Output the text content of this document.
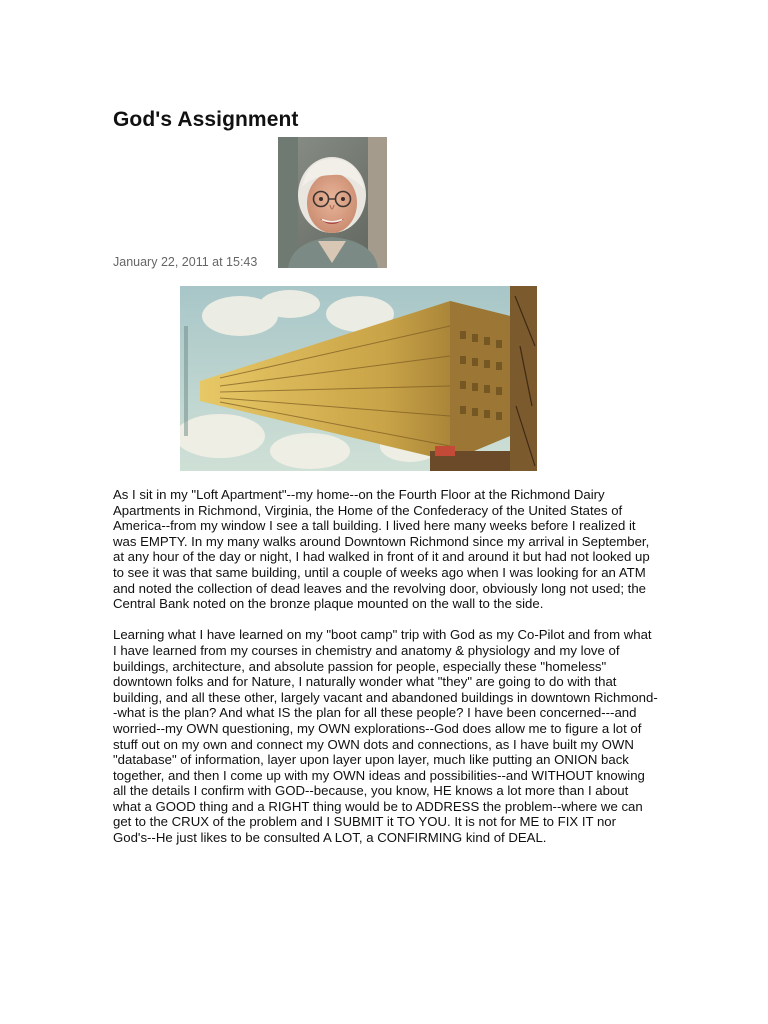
God's Assignment
January 22, 2011 at 15:43

As I sit in my "Loft Apartment"--my home--on the Fourth Floor at the Richmond Dairy Apartments in Richmond, Virginia, the Home of the Confederacy of the United States of America--from my window I see a tall building. I lived here many weeks before I realized it was EMPTY. In my many walks around Downtown Richmond since my arrival in September, at any hour of the day or night, I had walked in front of it and around it but had not looked up to see it was that same building, until a couple of weeks ago when I was looking for an ATM and noted the collection of dead leaves and the revolving door, obviously long not used; the Central Bank noted on the bronze plaque mounted on the wall to the side.

Learning what I have learned on my "boot camp" trip with God as my Co-Pilot and from what I have learned from my courses in chemistry and anatomy & physiology and my love of buildings, architecture, and absolute passion for people, especially these "homeless" downtown folks and for Nature, I naturally wonder what "they" are going to do with that building, and all these other, largely vacant and abandoned buildings in downtown Richmond--what is the plan? And what IS the plan for all these people? I have been concerned---and worried--my OWN questioning, my OWN explorations--God does allow me to figure a lot of stuff out on my own and connect my OWN dots and connections, as I have built my OWN "database" of information, layer upon layer upon layer, much like putting an ONION back together, and then I come up with my OWN ideas and possibilities--and WITHOUT knowing all the details I confirm with GOD--because, you know, HE knows a lot more than I about what a GOOD thing and a RIGHT thing would be to ADDRESS the problem--where we can get to the CRUX of the problem and I SUBMIT it TO YOU. It is not for ME to FIX IT nor God's--He just likes to be consulted A LOT, a CONFIRMING kind of DEAL.
